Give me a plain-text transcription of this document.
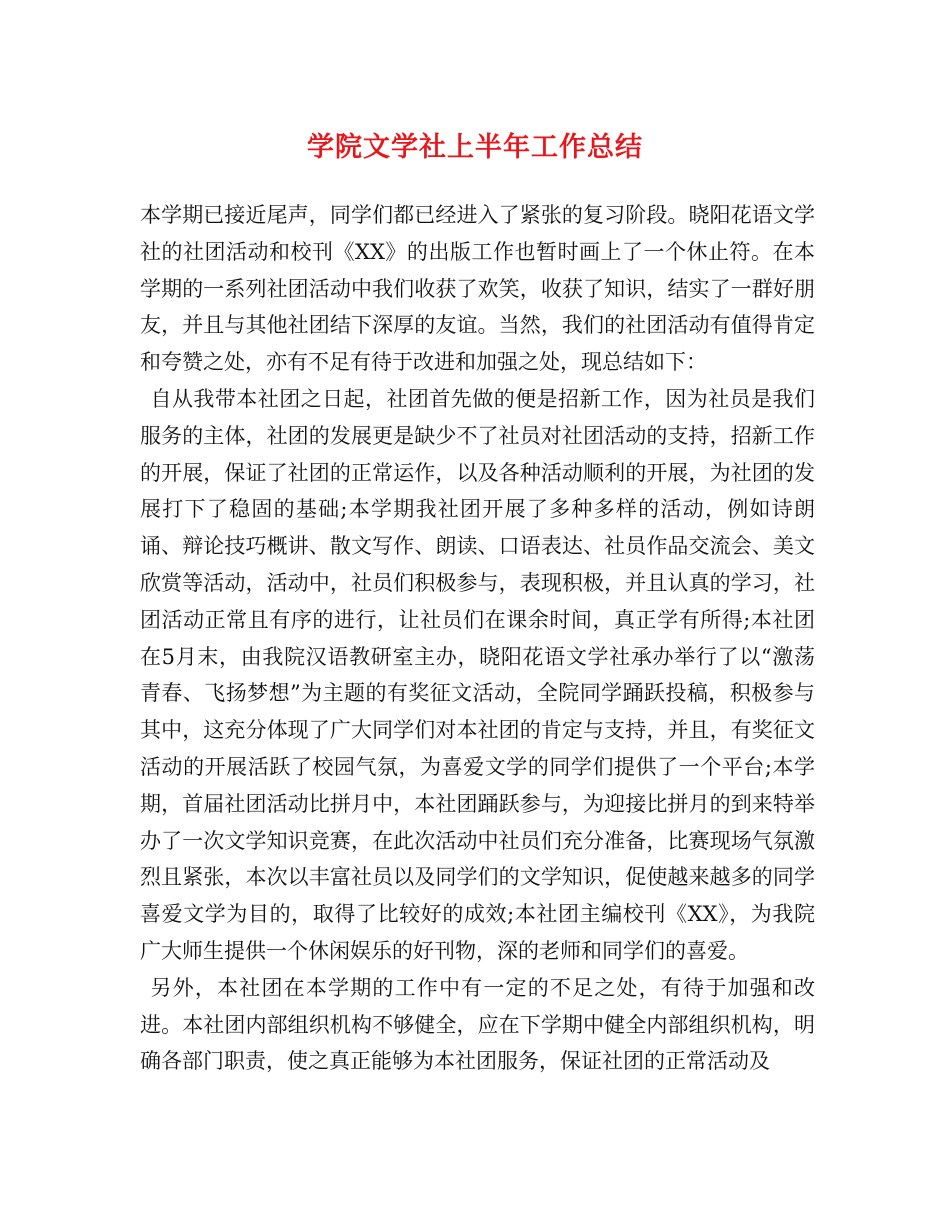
学院文学社上半年工作总结

本学期已接近尾声，同学们都已经进入了紧张的复习阶段。晓阳花语文学社的社团活动和校刊《XX》的出版工作也暂时画上了一个休止符。在本学期的一系列社团活动中我们收获了欢笑，收获了知识，结实了一群好朋友，并且与其他社团结下深厚的友谊。当然，我们的社团活动有值得肯定和夸赞之处，亦有不足有待于改进和加强之处，现总结如下：

自从我带本社团之日起，社团首先做的便是招新工作，因为社员是我们服务的主体，社团的发展更是缺少不了社员对社团活动的支持，招新工作的开展，保证了社团的正常运作，以及各种活动顺利的开展，为社团的发展打下了稳固的基础;本学期我社团开展了多种多样的活动，例如诗朗诵、辩论技巧概讲、散文写作、朗读、口语表达、社员作品交流会、美文欣赏等活动，活动中，社员们积极参与，表现积极，并且认真的学习，社团活动正常且有序的进行，让社员们在课余时间，真正学有所得;本社团在5月末，由我院汉语教研室主办，晓阳花语文学社承办举行了以“激荡青春、飞扬梦想”为主题的有奖征文活动，全院同学踊跃投稿，积极参与其中，这充分体现了广大同学们对本社团的肯定与支持，并且，有奖征文活动的开展活跃了校园气氛，为喜爱文学的同学们提供了一个平台;本学期，首届社团活动比拼月中，本社团踊跃参与，为迎接比拼月的到来特举办了一次文学知识竞赛，在此次活动中社员们充分准备，比赛现场气氛激烈且紧张，本次以丰富社员以及同学们的文学知识，促使越来越多的同学喜爱文学为目的，取得了比较好的成效;本社团主编校刊《XX》，为我院广大师生提供一个休闲娱乐的好刊物，深的老师和同学们的喜爱。

另外，本社团在本学期的工作中有一定的不足之处，有待于加强和改进。本社团内部组织机构不够健全，应在下学期中健全内部组织机构，明确各部门职责，使之真正能够为本社团服务，保证社团的正常活动及
